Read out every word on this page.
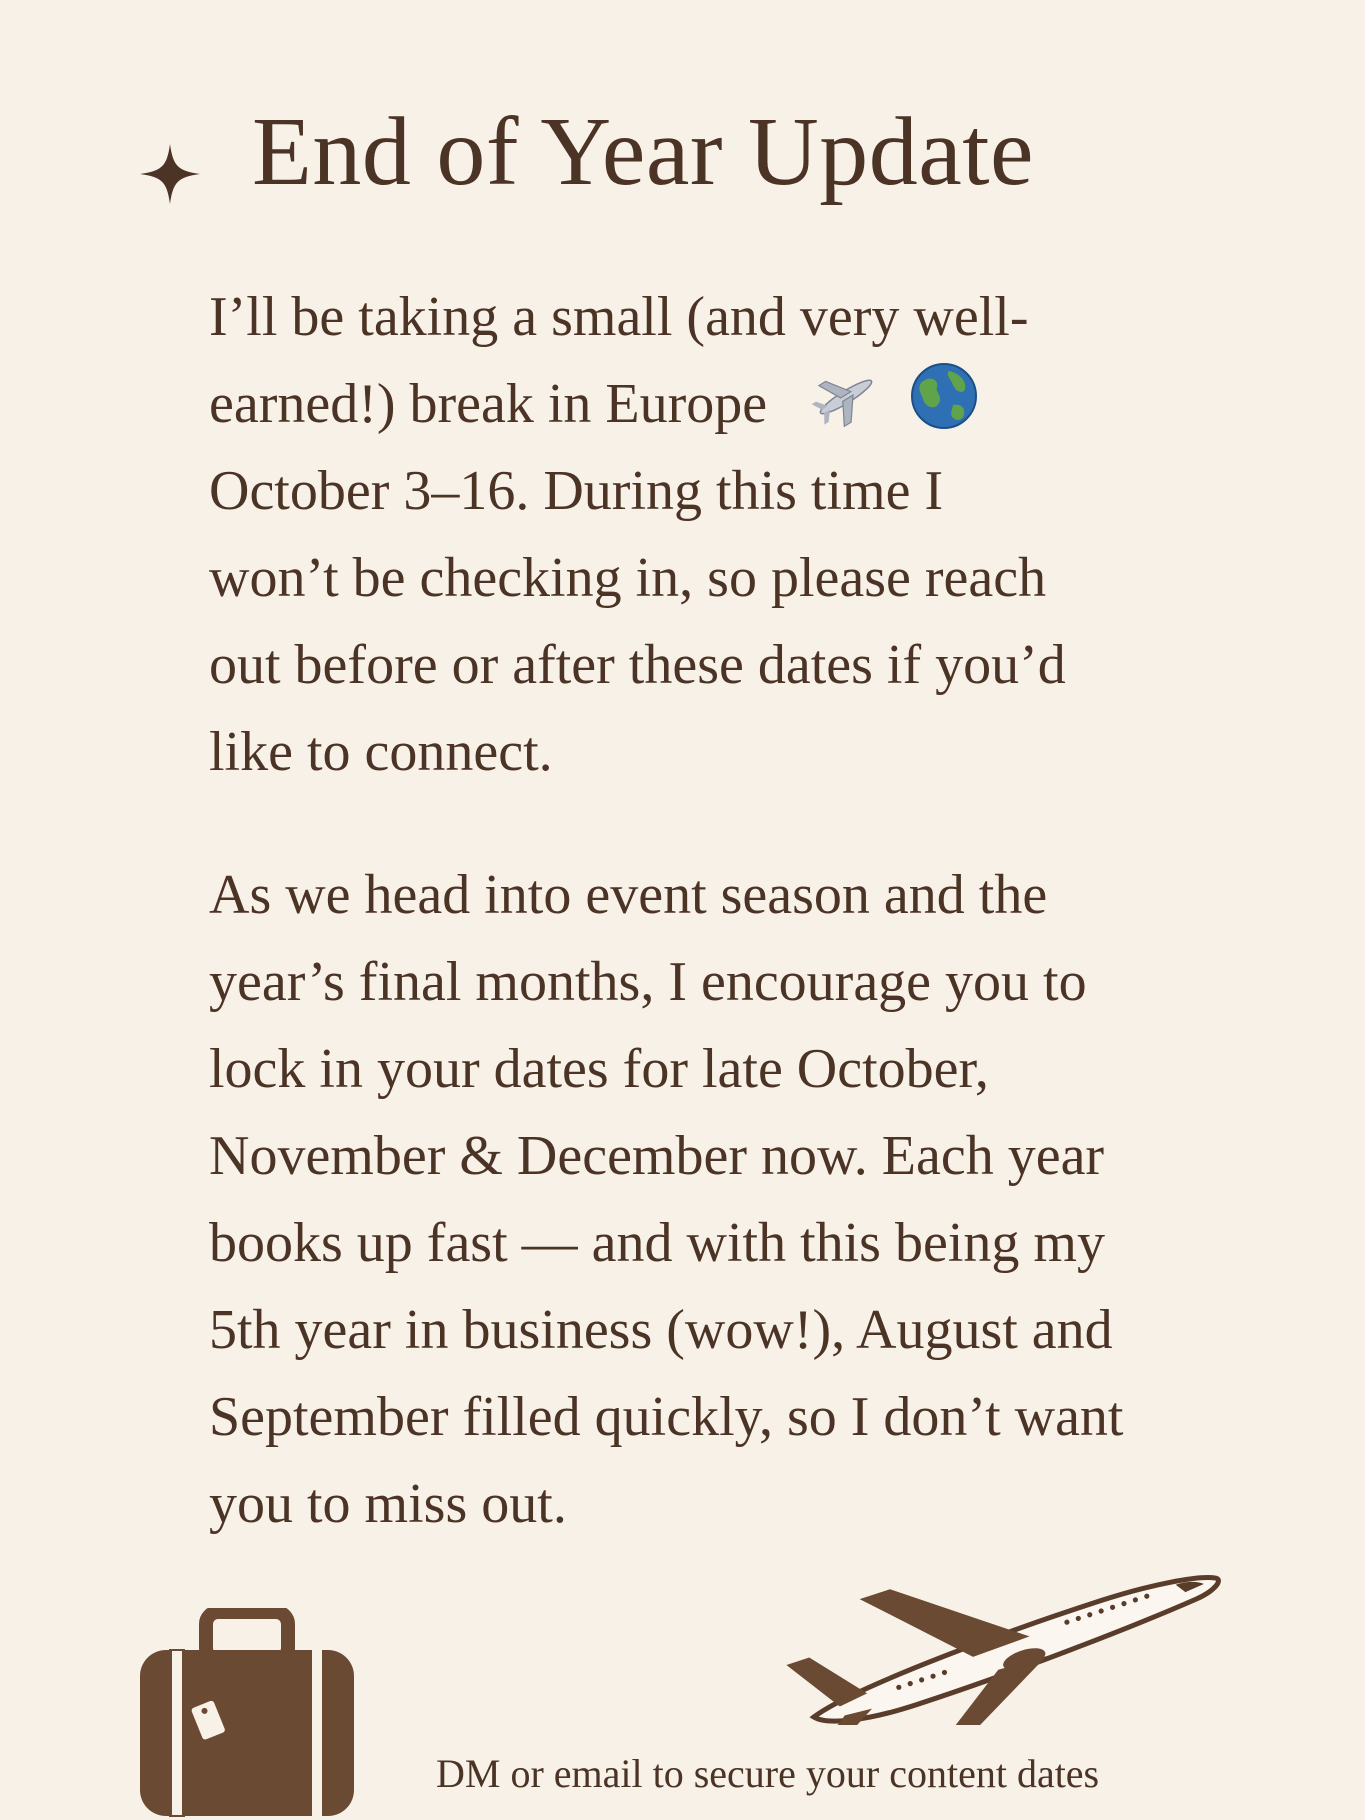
End of Year Update
I’ll be taking a small (and very well-
earned!) break in Europe
October 3–16. During this time I
won’t be checking in, so please reach
out before or after these dates if you’d
like to connect.
As we head into event season and the
year’s final months, I encourage you to
lock in your dates for late October,
November & December now. Each year
books up fast — and with this being my
5th year in business (wow!), August and
September filled quickly, so I don’t want
you to miss out.

DM or email to secure your content dates
